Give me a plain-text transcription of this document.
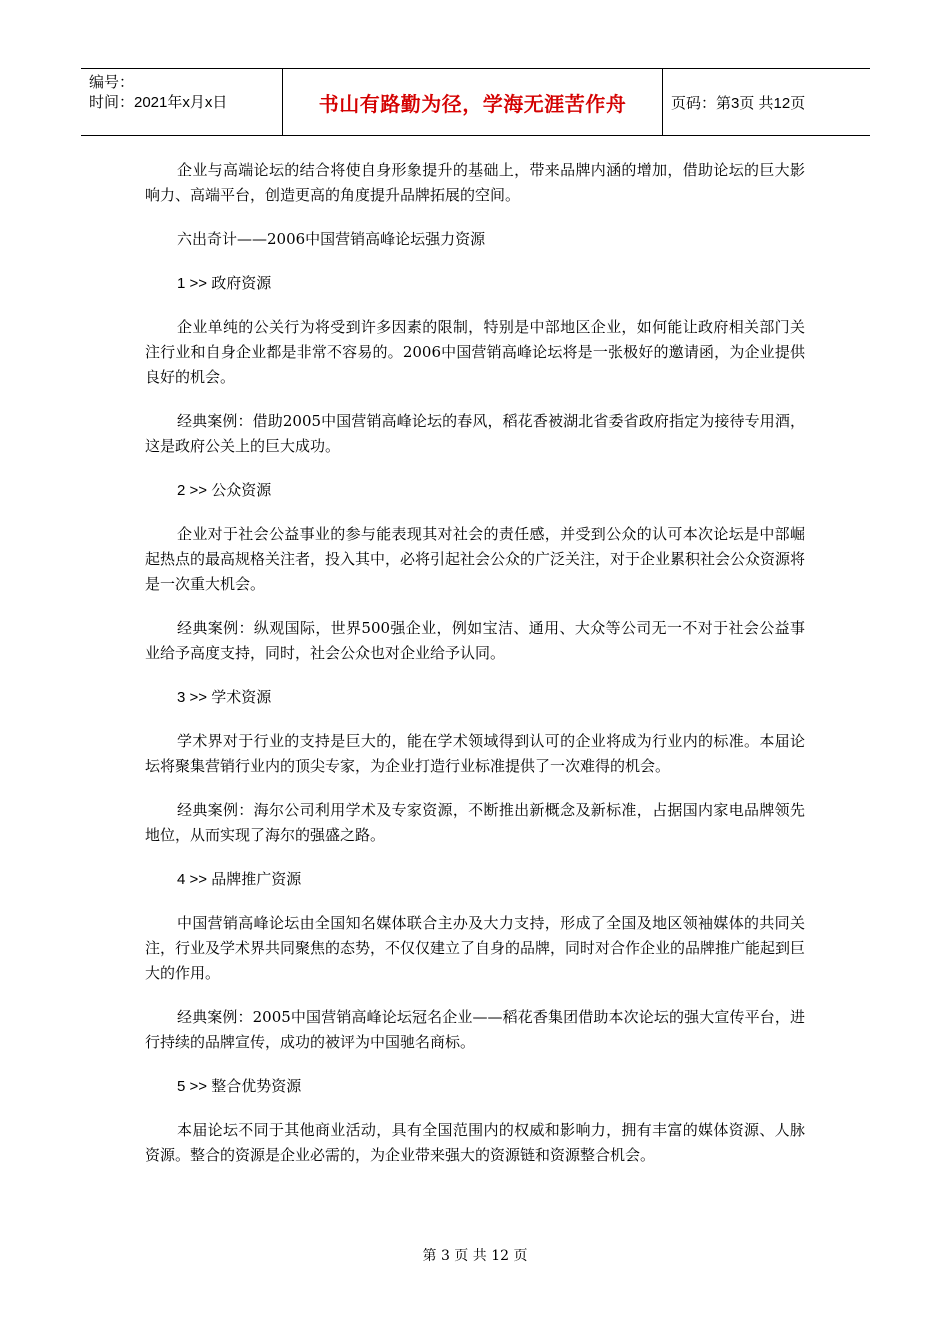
编号：
时间：2021年x月x日	书山有路勤为径，学海无涯苦作舟	页码：第3页 共12页

企业与高端论坛的结合将使自身形象提升的基础上，带来品牌内涵的增加，借助论坛的巨大影响力、高端平台，创造更高的角度提升品牌拓展的空间。

六出奇计——2006中国营销高峰论坛强力资源

1 >> 政府资源

企业单纯的公关行为将受到许多因素的限制，特别是中部地区企业，如何能让政府相关部门关注行业和自身企业都是非常不容易的。2006中国营销高峰论坛将是一张极好的邀请函，为企业提供良好的机会。

经典案例：借助2005中国营销高峰论坛的春风，稻花香被湖北省委省政府指定为接待专用酒，这是政府公关上的巨大成功。

2 >> 公众资源

企业对于社会公益事业的参与能表现其对社会的责任感，并受到公众的认可本次论坛是中部崛起热点的最高规格关注者，投入其中，必将引起社会公众的广泛关注，对于企业累积社会公众资源将是一次重大机会。

经典案例：纵观国际，世界500强企业，例如宝洁、通用、大众等公司无一不对于社会公益事业给予高度支持，同时，社会公众也对企业给予认同。

3 >> 学术资源

学术界对于行业的支持是巨大的，能在学术领域得到认可的企业将成为行业内的标准。本届论坛将聚集营销行业内的顶尖专家，为企业打造行业标准提供了一次难得的机会。

经典案例：海尔公司利用学术及专家资源，不断推出新概念及新标准，占据国内家电品牌领先地位，从而实现了海尔的强盛之路。

4 >> 品牌推广资源

中国营销高峰论坛由全国知名媒体联合主办及大力支持，形成了全国及地区领袖媒体的共同关注，行业及学术界共同聚焦的态势，不仅仅建立了自身的品牌，同时对合作企业的品牌推广能起到巨大的作用。

经典案例：2005中国营销高峰论坛冠名企业——稻花香集团借助本次论坛的强大宣传平台，进行持续的品牌宣传，成功的被评为中国驰名商标。

5 >> 整合优势资源

本届论坛不同于其他商业活动，具有全国范围内的权威和影响力，拥有丰富的媒体资源、人脉资源。整合的资源是企业必需的，为企业带来强大的资源链和资源整合机会。

第 3 页 共 12 页
